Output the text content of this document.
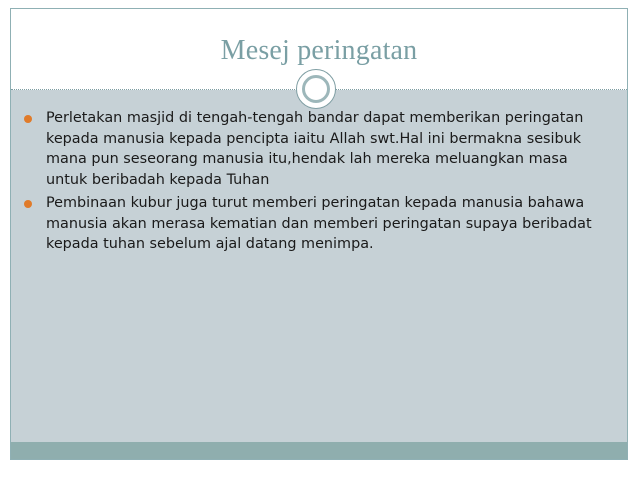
Mesej peringatan
Perletakan masjid di tengah-tengah bandar dapat memberikan peringatan kepada manusia kepada pencipta iaitu Allah swt.Hal ini bermakna sesibuk mana pun seseorang manusia itu,hendak lah mereka meluangkan masa untuk beribadah kepada Tuhan
Pembinaan kubur juga turut memberi peringatan kepada manusia bahawa manusia akan merasa kematian dan memberi peringatan supaya beribadat kepada tuhan sebelum ajal datang menimpa.
